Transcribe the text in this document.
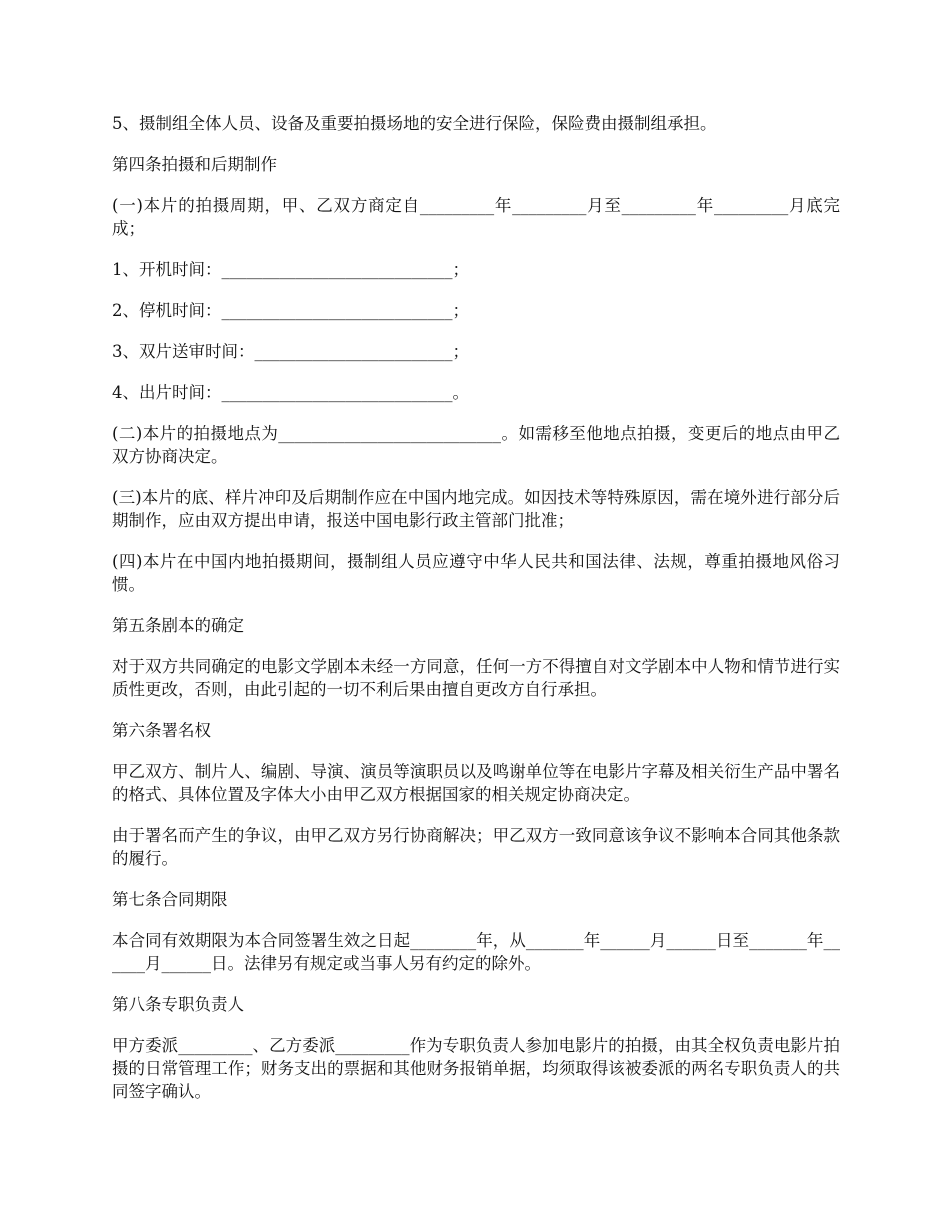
5、摄制组全体人员、设备及重要拍摄场地的安全进行保险，保险费由摄制组承担。

第四条拍摄和后期制作

(一)本片的拍摄周期，甲、乙双方商定自_________年_________月至_________年_________月底完成；

1、开机时间：____________________________；

2、停机时间：____________________________；

3、双片送审时间：________________________；

4、出片时间：____________________________。

(二)本片的拍摄地点为___________________________。如需移至他地点拍摄，变更后的地点由甲乙双方协商决定。

(三)本片的底、样片冲印及后期制作应在中国内地完成。如因技术等特殊原因，需在境外进行部分后期制作，应由双方提出申请，报送中国电影行政主管部门批准；

(四)本片在中国内地拍摄期间，摄制组人员应遵守中华人民共和国法律、法规，尊重拍摄地风俗习惯。

第五条剧本的确定

对于双方共同确定的电影文学剧本未经一方同意，任何一方不得擅自对文学剧本中人物和情节进行实质性更改，否则，由此引起的一切不利后果由擅自更改方自行承担。

第六条署名权

甲乙双方、制片人、编剧、导演、演员等演职员以及鸣谢单位等在电影片字幕及相关衍生产品中署名的格式、具体位置及字体大小由甲乙双方根据国家的相关规定协商决定。

由于署名而产生的争议，由甲乙双方另行协商解决；甲乙双方一致同意该争议不影响本合同其他条款的履行。

第七条合同期限

本合同有效期限为本合同签署生效之日起________年，从_______年______月______日至_______年______月______日。法律另有规定或当事人另有约定的除外。

第八条专职负责人

甲方委派_________、乙方委派_________作为专职负责人参加电影片的拍摄，由其全权负责电影片拍摄的日常管理工作；财务支出的票据和其他财务报销单据，均须取得该被委派的两名专职负责人的共同签字确认。
